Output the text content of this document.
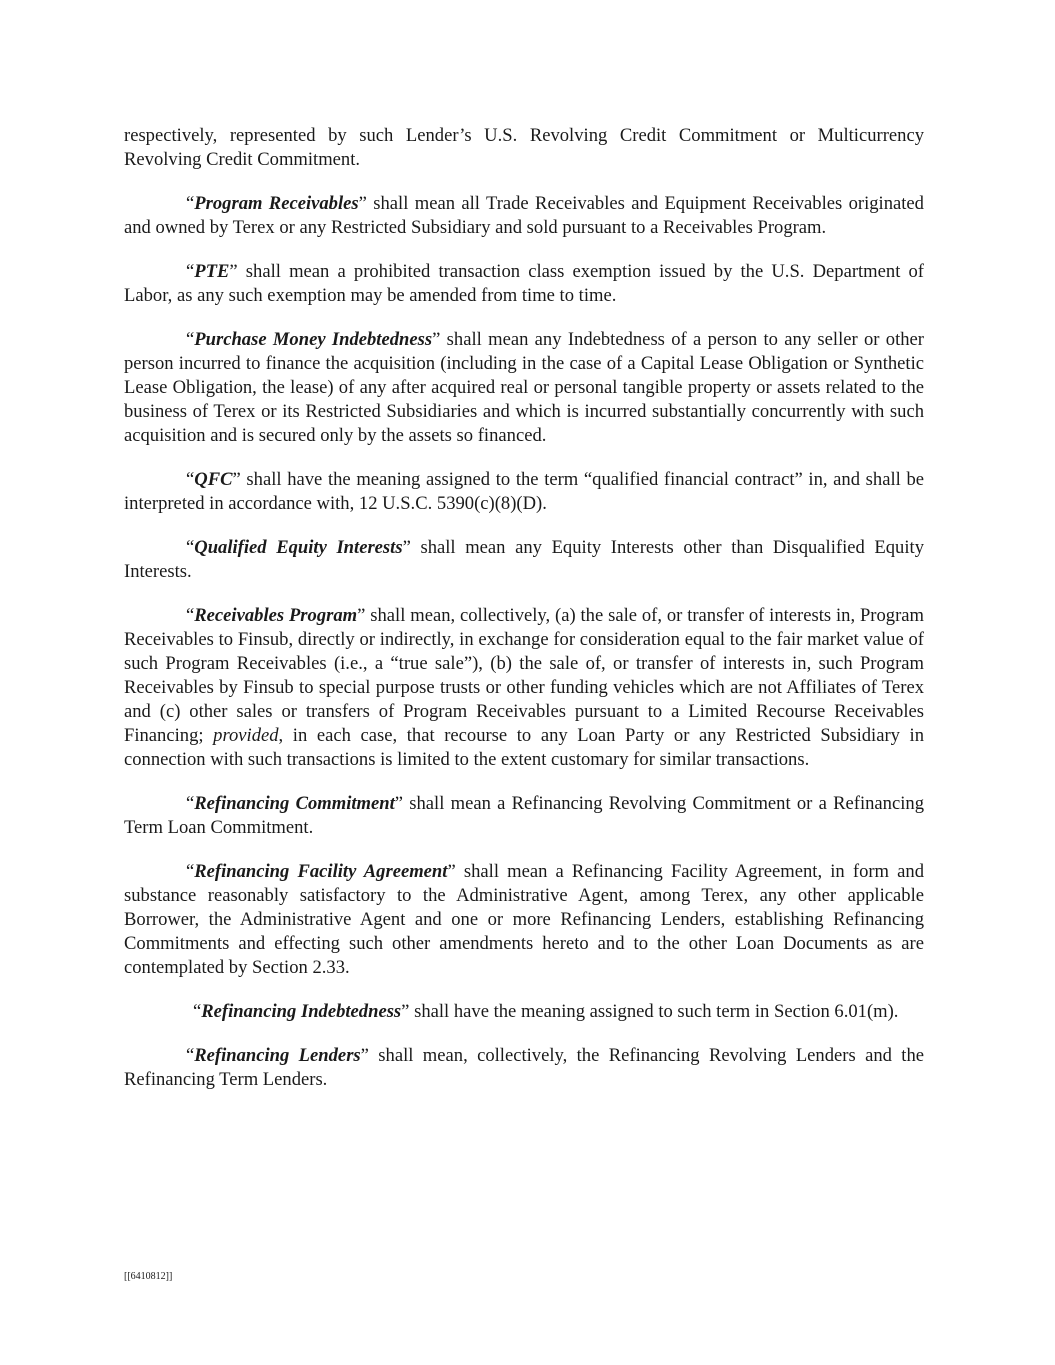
respectively, represented by such Lender’s U.S. Revolving Credit Commitment or Multicurrency Revolving Credit Commitment.

“Program Receivables” shall mean all Trade Receivables and Equipment Receivables originated and owned by Terex or any Restricted Subsidiary and sold pursuant to a Receivables Program.

“PTE” shall mean a prohibited transaction class exemption issued by the U.S. Department of Labor, as any such exemption may be amended from time to time.

“Purchase Money Indebtedness” shall mean any Indebtedness of a person to any seller or other person incurred to finance the acquisition (including in the case of a Capital Lease Obligation or Synthetic Lease Obligation, the lease) of any after acquired real or personal tangible property or assets related to the business of Terex or its Restricted Subsidiaries and which is incurred substantially concurrently with such acquisition and is secured only by the assets so financed.

“QFC” shall have the meaning assigned to the term “qualified financial contract” in, and shall be interpreted in accordance with, 12 U.S.C. 5390(c)(8)(D).

“Qualified Equity Interests” shall mean any Equity Interests other than Disqualified Equity Interests.

“Receivables Program” shall mean, collectively, (a) the sale of, or transfer of interests in, Program Receivables to Finsub, directly or indirectly, in exchange for consideration equal to the fair market value of such Program Receivables (i.e., a “true sale”), (b) the sale of, or transfer of interests in, such Program Receivables by Finsub to special purpose trusts or other funding vehicles which are not Affiliates of Terex and (c) other sales or transfers of Program Receivables pursuant to a Limited Recourse Receivables Financing; provided, in each case, that recourse to any Loan Party or any Restricted Subsidiary in connection with such transactions is limited to the extent customary for similar transactions.

“Refinancing Commitment” shall mean a Refinancing Revolving Commitment or a Refinancing Term Loan Commitment.

“Refinancing Facility Agreement” shall mean a Refinancing Facility Agreement, in form and substance reasonably satisfactory to the Administrative Agent, among Terex, any other applicable Borrower, the Administrative Agent and one or more Refinancing Lenders, establishing Refinancing Commitments and effecting such other amendments hereto and to the other Loan Documents as are contemplated by Section 2.33.

“Refinancing Indebtedness” shall have the meaning assigned to such term in Section 6.01(m).

“Refinancing Lenders” shall mean, collectively, the Refinancing Revolving Lenders and the Refinancing Term Lenders.

[[6410812]]
